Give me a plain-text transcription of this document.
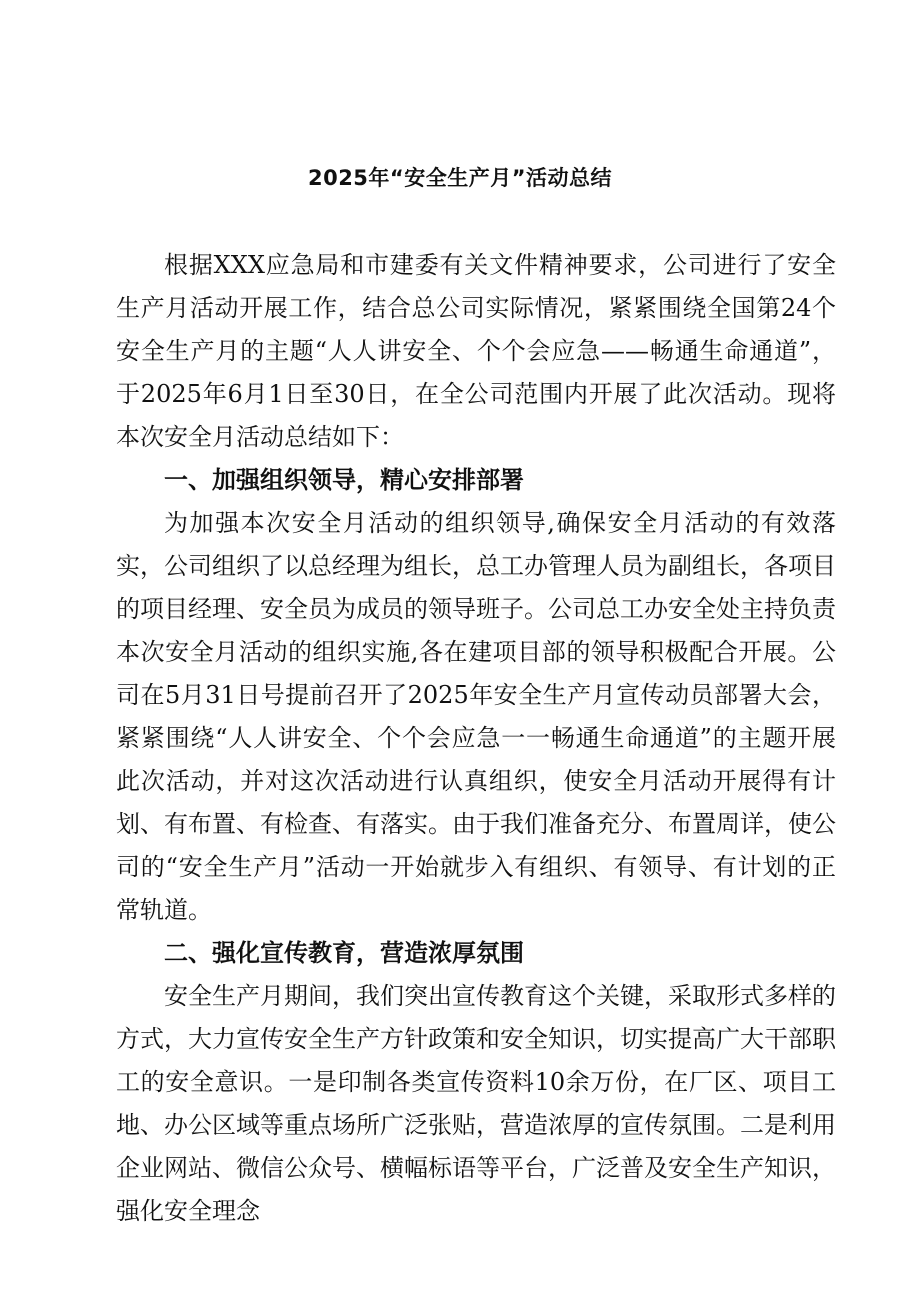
2025年“安全生产月”活动总结

根据XXX应急局和市建委有关文件精神要求，公司进行了安全生产月活动开展工作，结合总公司实际情况，紧紧围绕全国第24个安全生产月的主题“人人讲安全、个个会应急——畅通生命通道”，于2025年6月1日至30日，在全公司范围内开展了此次活动。现将本次安全月活动总结如下：

一、加强组织领导，精心安排部署

为加强本次安全月活动的组织领导,确保安全月活动的有效落实，公司组织了以总经理为组长，总工办管理人员为副组长，各项目的项目经理、安全员为成员的领导班子。公司总工办安全处主持负责本次安全月活动的组织实施,各在建项目部的领导积极配合开展。公司在5月31日号提前召开了2025年安全生产月宣传动员部署大会，紧紧围绕“人人讲安全、个个会应急一一畅通生命通道”的主题开展此次活动，并对这次活动进行认真组织，使安全月活动开展得有计划、有布置、有检查、有落实。由于我们准备充分、布置周详，使公司的“安全生产月”活动一开始就步入有组织、有领导、有计划的正常轨道。

二、强化宣传教育，营造浓厚氛围

安全生产月期间，我们突出宣传教育这个关键，采取形式多样的方式，大力宣传安全生产方针政策和安全知识，切实提高广大干部职工的安全意识。一是印制各类宣传资料10余万份，在厂区、项目工地、办公区域等重点场所广泛张贴，营造浓厚的宣传氛围。二是利用企业网站、微信公众号、横幅标语等平台，广泛普及安全生产知识，强化安全理念
